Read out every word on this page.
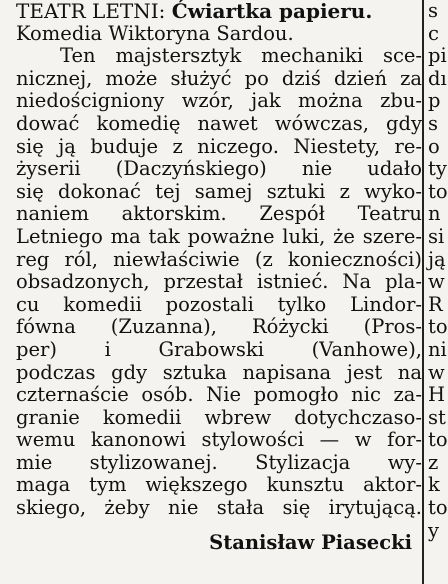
TEATR LETNI: Ćwiartka papieru.
Komedia Wiktoryna Sardou.
Ten majstersztyk mechaniki sce-
nicznej, może służyć po dziś dzień za
niedościgniony wzór, jak można zbu-
dować komedię nawet wówczas, gdy
się ją buduje z niczego. Niestety, re-
żyserii (Daczyńskiego) nie udało
się dokonać tej samej sztuki z wyko-
naniem aktorskim. Zespół Teatru
Letniego ma tak poważne luki, że szere-
reg ról, niewłaściwie (z konieczności)
obsadzonych, przestał istnieć. Na pla-
cu komedii pozostali tylko Lindor-
fówna (Zuzanna), Różycki (Pros-
per) i Grabowski (Vanhowe),
podczas gdy sztuka napisana jest na
czternaście osób. Nie pomogło nic za-
granie komedii wbrew dotychczaso-
wemu kanonowi stylowości — w for-
mie stylizowanej. Stylizacja wy-
maga tym większego kunsztu aktor-
skiego, żeby nie stała się irytującą.
Stanisław Piasecki
s
c
pi
dı
p
s
o
ty
to
n
si
ją
w
R
to
ni
w
H
st
to
z
k
to
y
